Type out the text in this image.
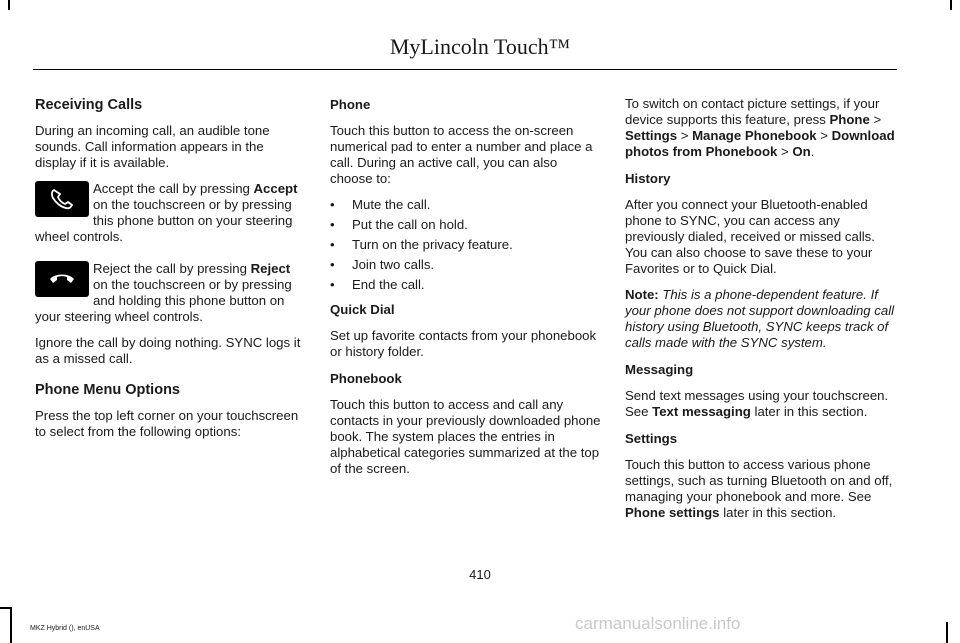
MyLincoln Touch™
Receiving Calls

During an incoming call, an audible tone sounds. Call information appears in the display if it is available.

Accept the call by pressing Accept on the touchscreen or by pressing this phone button on your steering wheel controls.

Reject the call by pressing Reject on the touchscreen or by pressing and holding this phone button on your steering wheel controls.

Ignore the call by doing nothing. SYNC logs it as a missed call.

Phone Menu Options

Press the top left corner on your touchscreen to select from the following options:

Phone

Touch this button to access the on-screen numerical pad to enter a number and place a call. During an active call, you can also choose to:

• Mute the call.
• Put the call on hold.
• Turn on the privacy feature.
• Join two calls.
• End the call.
Quick Dial

Set up favorite contacts from your phonebook or history folder.

Phonebook

Touch this button to access and call any contacts in your previously downloaded phone book. The system places the entries in alphabetical categories summarized at the top of the screen.

To switch on contact picture settings, if your device supports this feature, press Phone > Settings > Manage Phonebook > Download photos from Phonebook > On.

History

After you connect your Bluetooth-enabled phone to SYNC, you can access any previously dialed, received or missed calls. You can also choose to save these to your Favorites or to Quick Dial.

Note: This is a phone-dependent feature. If your phone does not support downloading call history using Bluetooth, SYNC keeps track of calls made with the SYNC system.

Messaging

Send text messages using your touchscreen. See Text messaging later in this section.

Settings

Touch this button to access various phone settings, such as turning Bluetooth on and off, managing your phonebook and more. See Phone settings later in this section.

410
MKZ Hybrid (), enUSA	carmanualsonline.info
